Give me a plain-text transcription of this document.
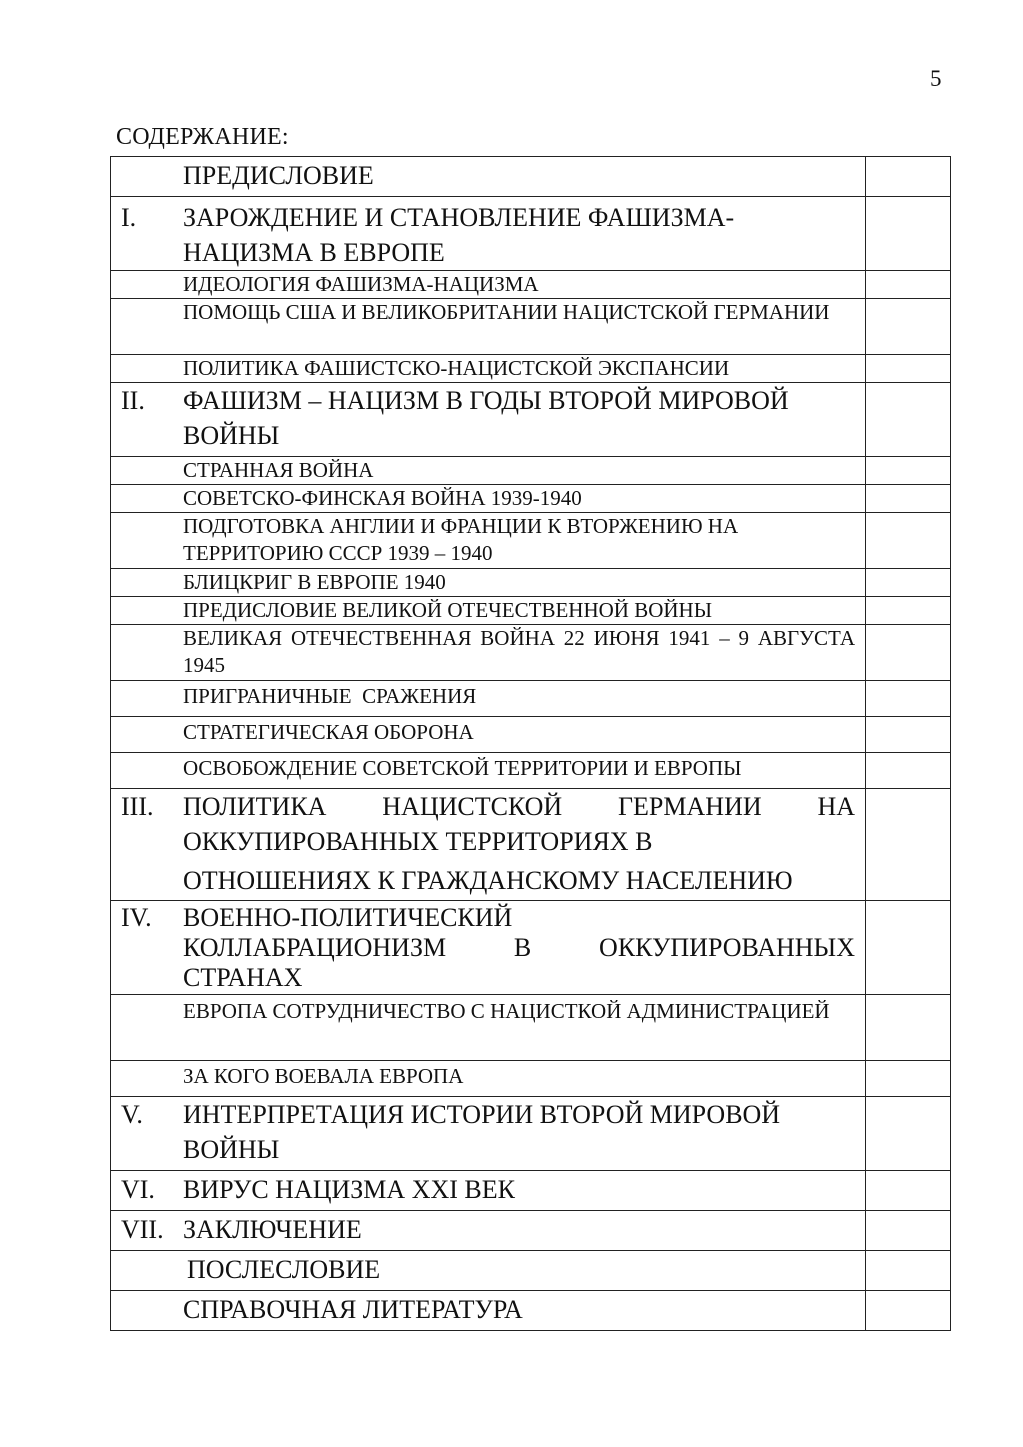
5
СОДЕРЖАНИЕ:
ПРЕДИСЛОВИЕ	

I. ЗАРОЖДЕНИЕ И СТАНОВЛЕНИЕ ФАШИЗМА-НАЦИЗМА В ЕВРОПЕ	

ИДЕОЛОГИЯ ФАШИЗМА-НАЦИЗМА	

ПОМОЩЬ США И ВЕЛИКОБРИТАНИИ НАЦИСТСКОЙ ГЕРМАНИИ	

ПОЛИТИКА ФАШИСТСКО-НАЦИСТСКОЙ ЭКСПАНСИИ	

II. ФАШИЗМ – НАЦИЗМ В ГОДЫ ВТОРОЙ МИРОВОЙ ВОЙНЫ	

СТРАННАЯ ВОЙНА	

СОВЕТСКО-ФИНСКАЯ ВОЙНА 1939-1940	

ПОДГОТОВКА АНГЛИИ И ФРАНЦИИ К ВТОРЖЕНИЮ НА ТЕРРИТОРИЮ СССР 1939 – 1940	

БЛИЦКРИГ В ЕВРОПЕ 1940	

ПРЕДИСЛОВИЕ ВЕЛИКОЙ ОТЕЧЕСТВЕННОЙ ВОЙНЫ	

ВЕЛИКАЯ ОТЕЧЕСТВЕННАЯ ВОЙНА 22 ИЮНЯ 1941 – 9 АВГУСТА 1945	

ПРИГРАНИЧНЫЕ  СРАЖЕНИЯ	

СТРАТЕГИЧЕСКАЯ ОБОРОНА	

ОСВОБОЖДЕНИЕ СОВЕТСКОЙ ТЕРРИТОРИИ И ЕВРОПЫ	

III. ПОЛИТИКА НАЦИСТСКОЙ ГЕРМАНИИ НА
ОККУПИРОВАННЫХ ТЕРРИТОРИЯХ В
ОТНОШЕНИЯХ К ГРАЖДАНСКОМУ НАСЕЛЕНИЮ	

IV. ВОЕННО-ПОЛИТИЧЕСКИЙ
КОЛЛАБРАЦИОНИЗМ В ОККУПИРОВАННЫХ
СТРАНАХ	

ЕВРОПА СОТРУДНИЧЕСТВО С НАЦИСТКОЙ АДМИНИСТРАЦИЕЙ	

ЗА КОГО ВОЕВАЛА ЕВРОПА	

V. ИНТЕРПРЕТАЦИЯ ИСТОРИИ ВТОРОЙ МИРОВОЙ ВОЙНЫ	

VI. ВИРУС НАЦИЗМА XXI ВЕК	

VII. ЗАКЛЮЧЕНИЕ	

ПОСЛЕСЛОВИЕ	

СПРАВОЧНАЯ ЛИТЕРАТУРА	
